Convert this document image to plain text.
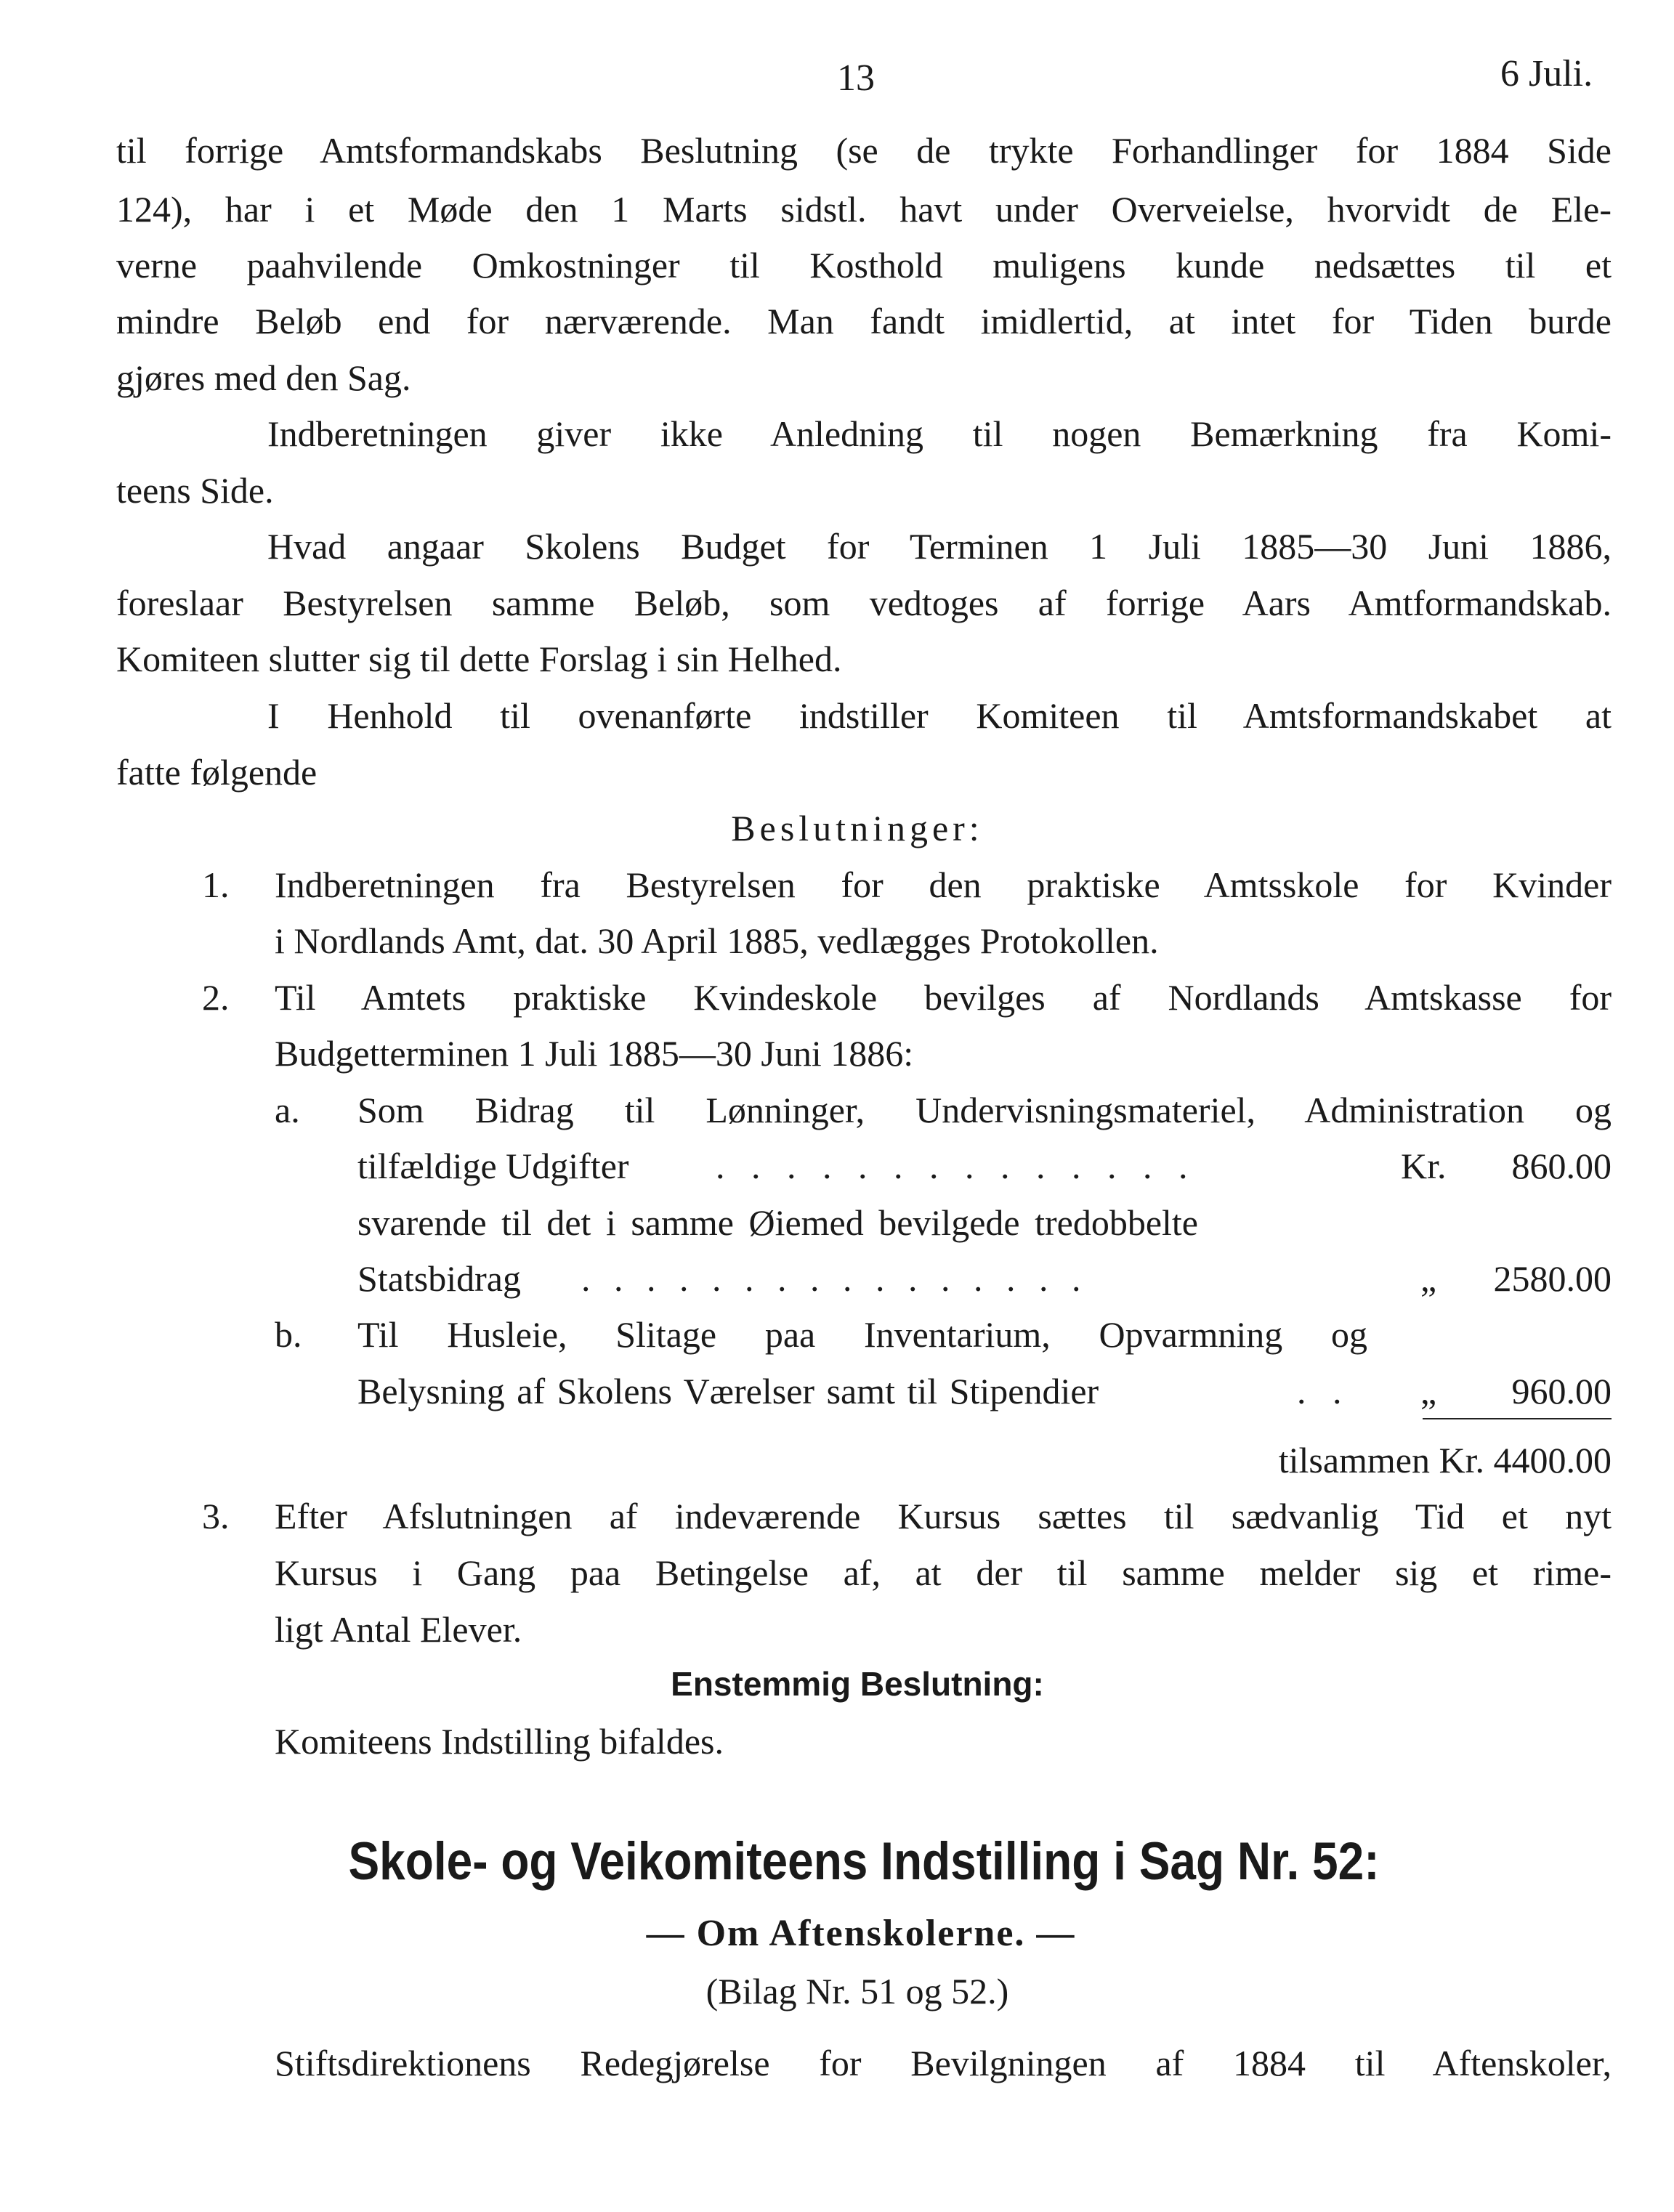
13	6 Juli.
til forrige Amtsformandskabs Beslutning (se de trykte Forhandlinger for 1884 Side
124), har i et Møde den 1 Marts sidstl. havt under Overveielse, hvorvidt de Ele-
verne paahvilende Omkostninger til Kosthold muligens kunde nedsættes til et
mindre Beløb end for nærværende. Man fandt imidlertid, at intet for Tiden burde
gjøres med den Sag.
Indberetningen giver ikke Anledning til nogen Bemærkning fra Komi-
teens Side.
Hvad angaar Skolens Budget for Terminen 1 Juli 1885—30 Juni 1886,
foreslaar Bestyrelsen samme Beløb, som vedtoges af forrige Aars Amtformandskab.
Komiteen slutter sig til dette Forslag i sin Helhed.
I Henhold til ovenanførte indstiller Komiteen til Amtsformandskabet at
fatte følgende
Beslutninger:
1. Indberetningen fra Bestyrelsen for den praktiske Amtsskole for Kvinder
i Nordlands Amt, dat. 30 April 1885, vedlægges Protokollen.
2. Til Amtets praktiske Kvindeskole bevilges af Nordlands Amtskasse for
Budgetterminen 1 Juli 1885—30 Juni 1886:
a. Som Bidrag til Lønninger, Undervisningsmateriel, Administration og
tilfældige Udgifter . . . . . . . . . . . . . .	Kr.	860.00
svarende til det i samme Øiemed bevilgede tredobbelte
Statsbidrag . . . . . . . . . . . . . . . .	„	2580.00
b. Til Husleie, Slitage paa Inventarium, Opvarmning og
Belysning af Skolens Værelser samt til Stipendier	. . „	960.00
tilsammen Kr. 4400.00
3. Efter Afslutningen af indeværende Kursus sættes til sædvanlig Tid et nyt
Kursus i Gang paa Betingelse af, at der til samme melder sig et rime-
ligt Antal Elever.
Enstemmig Beslutning:
Komiteens Indstilling bifaldes.
Skole- og Veikomiteens Indstilling i Sag Nr. 52:
— Om Aftenskolerne. —
(Bilag Nr. 51 og 52.)
Stiftsdirektionens Redegjørelse for Bevilgningen af 1884 til Aftenskoler,
